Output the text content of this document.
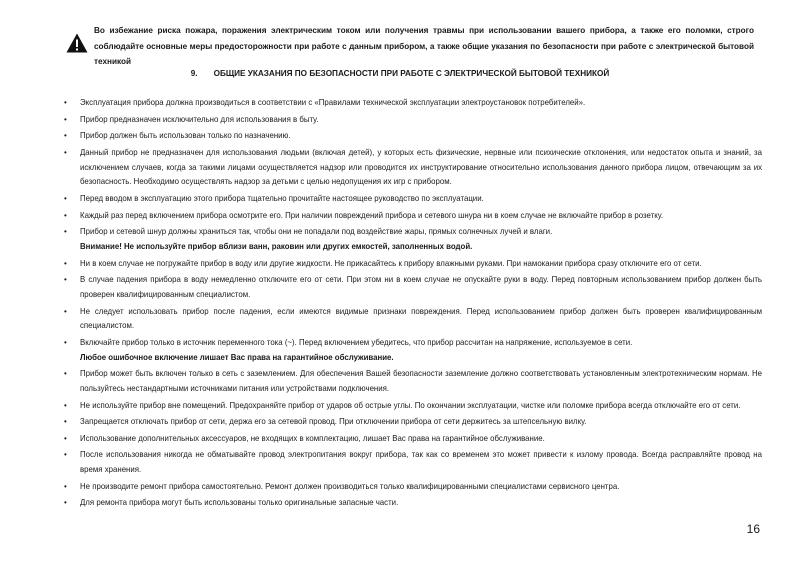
Во избежание риска пожара, поражения электрическим током или получения травмы при использовании вашего прибора, а также его поломки, строго соблюдайте основные меры предосторожности при работе с данным прибором, а также общие указания по безопасности при работе с электрической бытовой техникой
9. ОБЩИЕ УКАЗАНИЯ ПО БЕЗОПАСНОСТИ ПРИ РАБОТЕ С ЭЛЕКТРИЧЕСКОЙ БЫТОВОЙ ТЕХНИКОЙ
• Эксплуатация прибора должна производиться в соответствии с «Правилами технической эксплуатации электроустановок потребителей».
• Прибор предназначен исключительно для использования в быту.
• Прибор должен быть использован только по назначению.
• Данный прибор не предназначен для использования людьми (включая детей), у которых есть физические, нервные или психические отклонения, или недостаток опыта и знаний, за исключением случаев, когда за такими лицами осуществляется надзор или проводится их инструктирование относительно использования данного прибора лицом, отвечающим за их безопасность. Необходимо осуществлять надзор за детьми с целью недопущения их игр с прибором.
• Перед вводом в эксплуатацию этого прибора тщательно прочитайте настоящее руководство по эксплуатации.
• Каждый раз перед включением прибора осмотрите его. При наличии повреждений прибора и сетевого шнура ни в коем случае не включайте прибор в розетку.
• Прибор и сетевой шнур должны храниться так, чтобы они не попадали под воздействие жары, прямых солнечных лучей и влаги.
Внимание! Не используйте прибор вблизи ванн, раковин или других емкостей, заполненных водой.
• Ни в коем случае не погружайте прибор в воду или другие жидкости. Не прикасайтесь к прибору влажными руками. При намокании прибора сразу отключите его от сети.
• В случае падения прибора в воду немедленно отключите его от сети. При этом ни в коем случае не опускайте руки в воду. Перед повторным использованием прибор должен быть проверен квалифицированным специалистом.
• Не следует использовать прибор после падения, если имеются видимые признаки повреждения. Перед использованием прибор должен быть проверен квалифицированным специалистом.
• Включайте прибор только в источник переменного тока (~). Перед включением убедитесь, что прибор рассчитан на напряжение, используемое в сети.
Любое ошибочное включение лишает Вас права на гарантийное обслуживание.
• Прибор может быть включен только в сеть с заземлением. Для обеспечения Вашей безопасности заземление должно соответствовать установленным электротехническим нормам. Не пользуйтесь нестандартными источниками питания или устройствами подключения.
• Не используйте прибор вне помещений. Предохраняйте прибор от ударов об острые углы. По окончании эксплуатации, чистке или поломке прибора всегда отключайте его от сети.
• Запрещается отключать прибор от сети, держа его за сетевой провод. При отключении прибора от сети держитесь за штепсельную вилку.
• Использование дополнительных аксессуаров, не входящих в комплектацию, лишает Вас права на гарантийное обслуживание.
• После использования никогда не обматывайте провод электропитания вокруг прибора, так как со временем это может привести к излому провода. Всегда расправляйте провод на время хранения.
• Не производите ремонт прибора самостоятельно. Ремонт должен производиться только квалифицированными специалистами сервисного центра.
• Для ремонта прибора могут быть использованы только оригинальные запасные части.
16
